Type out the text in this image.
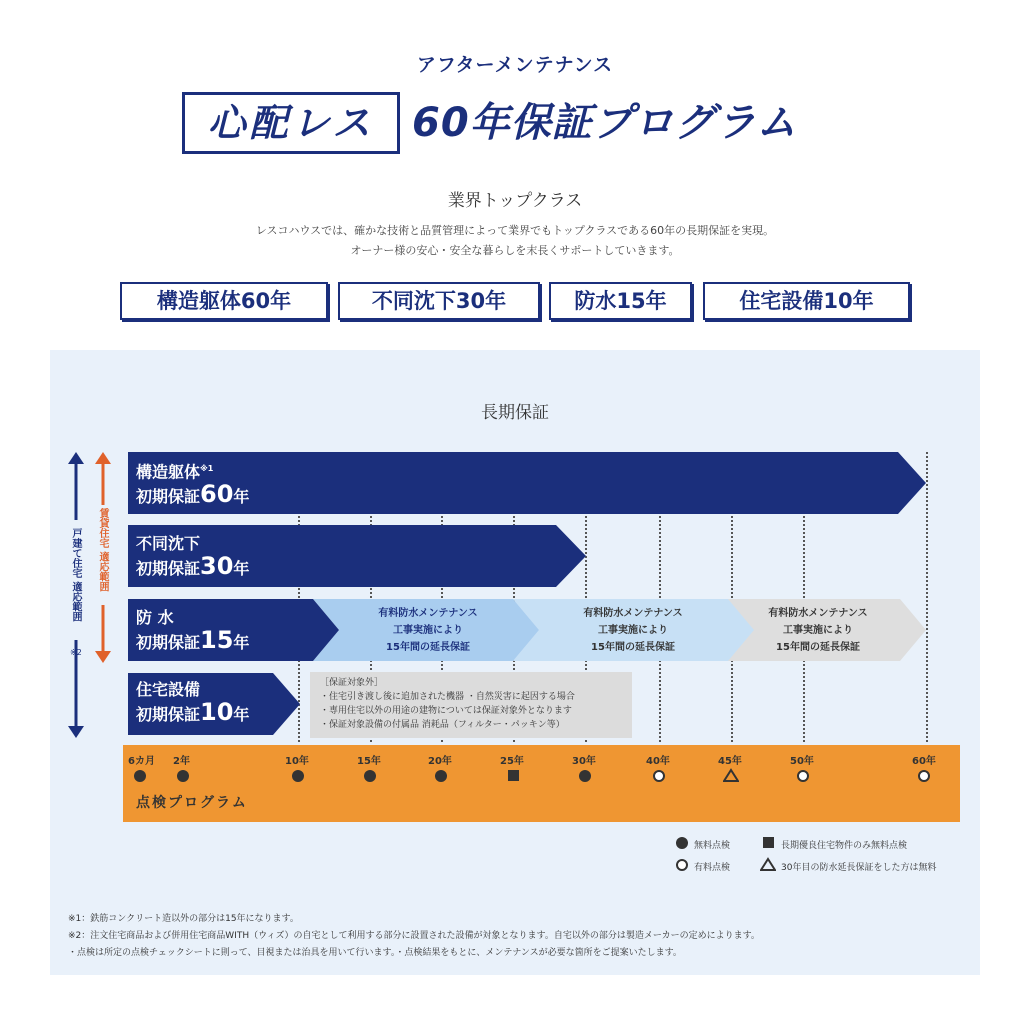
アフターメンテナンス
心配レス 60年保証プログラム
業界トップクラス
レスコハウスでは、確かな技術と品質管理によって業界でもトップクラスである60年の長期保証を実現。
オーナー様の安心・安全な暮らしを末長くサポートしていきます。
構造躯体60年	不同沈下30年	防水15年	住宅設備10年
長期保証
戸建て住宅 適応範囲
※2
賃貸住宅 適応範囲
構造躯体$^{※1}$
初期保証60年
不同沈下
初期保証30年
防 水
初期保証15年
有料防水メンテナンス
工事実施により
15年間の延長保証
有料防水メンテナンス
工事実施により
15年間の延長保証
有料防水メンテナンス
工事実施により
15年間の延長保証
住宅設備
初期保証10年
［保証対象外］
・住宅引き渡し後に追加された機器 ・自然災害に起因する場合
・専用住宅以外の用途の建物については保証対象外となります
・保証対象設備の付属品 消耗品（フィルター・パッキン等）
6カ月 2年	10年	15年	20年	25年	30年	40年	45年	50年	60年
点検プログラム
無料点検	長期優良住宅物件のみ無料点検
有料点検	30年目の防水延長保証をした方は無料
※1：鉄筋コンクリート造以外の部分は15年になります。
※2：注文住宅商品および併用住宅商品WITH（ウィズ）の自宅として利用する部分に設置された設備が対象となります。自宅以外の部分は製造メーカーの定めによります。
・点検は所定の点検チェックシートに則って、目視または治具を用いて行います。・点検結果をもとに、メンテナンスが必要な箇所をご提案いたします。
